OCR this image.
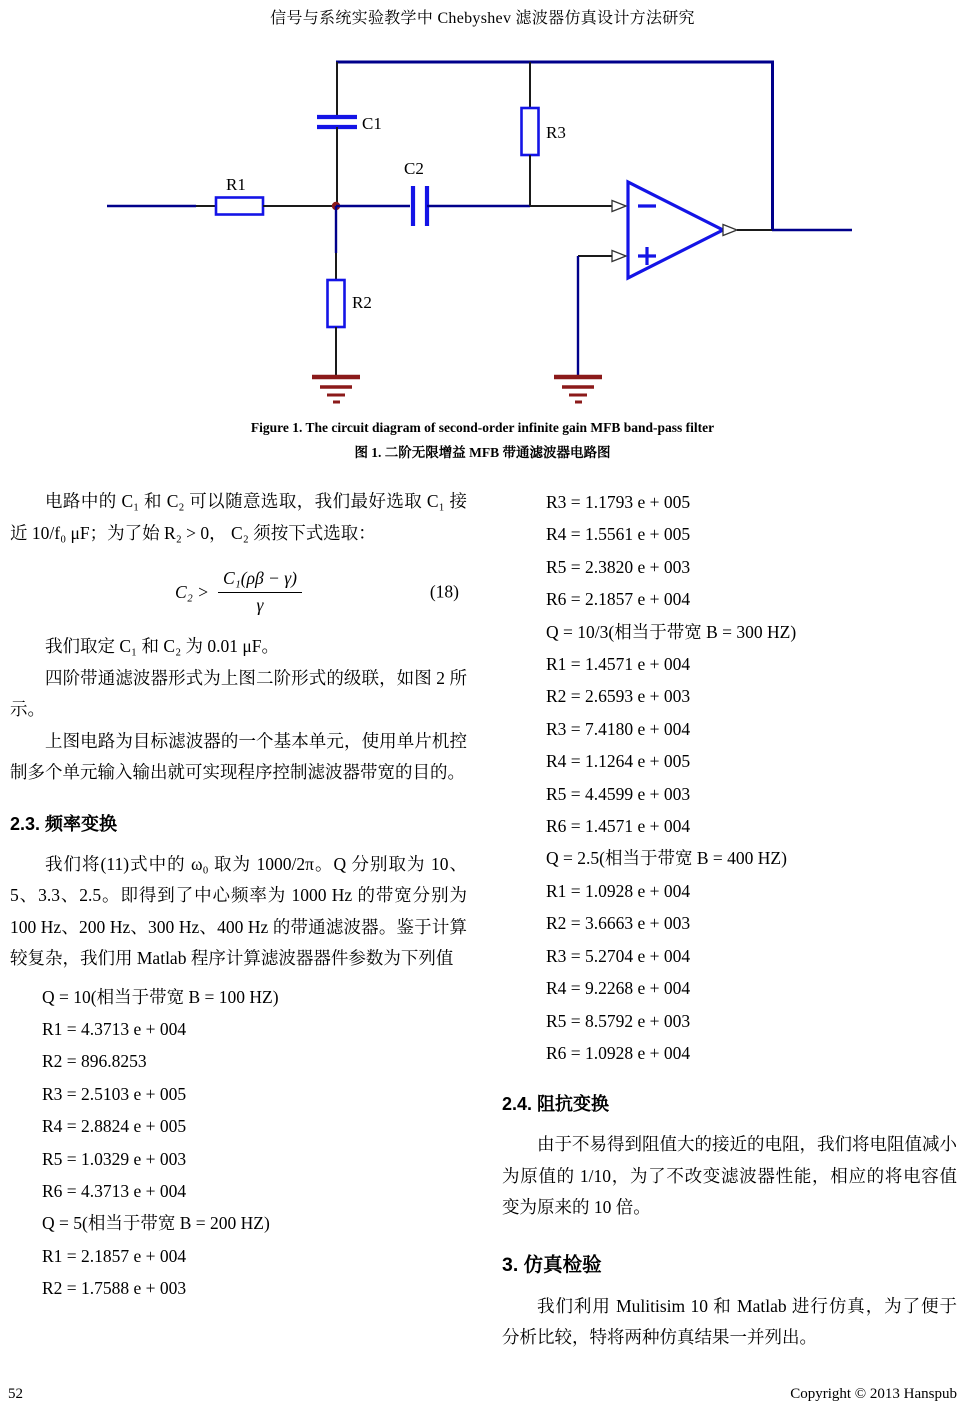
信号与系统实验教学中 Chebyshev 滤波器仿真设计方法研究
C1
R1
C2
R2
R3
Figure 1. The circuit diagram of second-order infinite gain MFB band-pass filter
图 1. 二阶无限增益 MFB 带通滤波器电路图

电路中的 C₁ 和 C₂ 可以随意选取，我们最好选取 C₁ 接近 10/f₀ μF；为了始 R₂ > 0， C₂ 须按下式选取：

$C_2 > \frac{\text{C₁(ρβ − γ)}}{\gamma}$	(18)

我们取定 C₁ 和 C₂ 为 0.01 μF。

四阶带通滤波器形式为上图二阶形式的级联，如图 2 所示。

上图电路为目标滤波器的一个基本单元，使用单片机控制多个单元输入输出就可实现程序控制滤波器带宽的目的。

2.3. 频率变换

我们将(11)式中的 ω₀ 取为 1000/2π。Q 分别取为 10、5、3.3、2.5。即得到了中心频率为 1000 Hz 的带宽分别为 100 Hz、200 Hz、300 Hz、400 Hz 的带通滤波器。鉴于计算较复杂，我们用 Matlab 程序计算滤波器器件参数为下列值

Q = 10(相当于带宽 B = 100 HZ)
R1 = 4.3713 e + 004
R2 = 896.8253
R3 = 2.5103 e + 005
R4 = 2.8824 e + 005
R5 = 1.0329 e + 003
R6 = 4.3713 e + 004
Q = 5(相当于带宽 B = 200 HZ)
R1 = 2.1857 e + 004
R2 = 1.7588 e + 003
R3 = 1.1793 e + 005
R4 = 1.5561 e + 005
R5 = 2.3820 e + 003
R6 = 2.1857 e + 004
Q = 10/3(相当于带宽 B = 300 HZ)
R1 = 1.4571 e + 004
R2 = 2.6593 e + 003
R3 = 7.4180 e + 004
R4 = 1.1264 e + 005
R5 = 4.4599 e + 003
R6 = 1.4571 e + 004
Q = 2.5(相当于带宽 B = 400 HZ)
R1 = 1.0928 e + 004
R2 = 3.6663 e + 003
R3 = 5.2704 e + 004
R4 = 9.2268 e + 004
R5 = 8.5792 e + 003
R6 = 1.0928 e + 004
2.4. 阻抗变换

由于不易得到阻值大的接近的电阻，我们将电阻值减小为原值的 1/10，为了不改变滤波器性能，相应的将电容值变为原来的 10 倍。

3. 仿真检验

我们利用 Mulitisim 10 和 Matlab 进行仿真，为了便于分析比较，特将两种仿真结果一并列出。

52	Copyright © 2013 Hanspub
